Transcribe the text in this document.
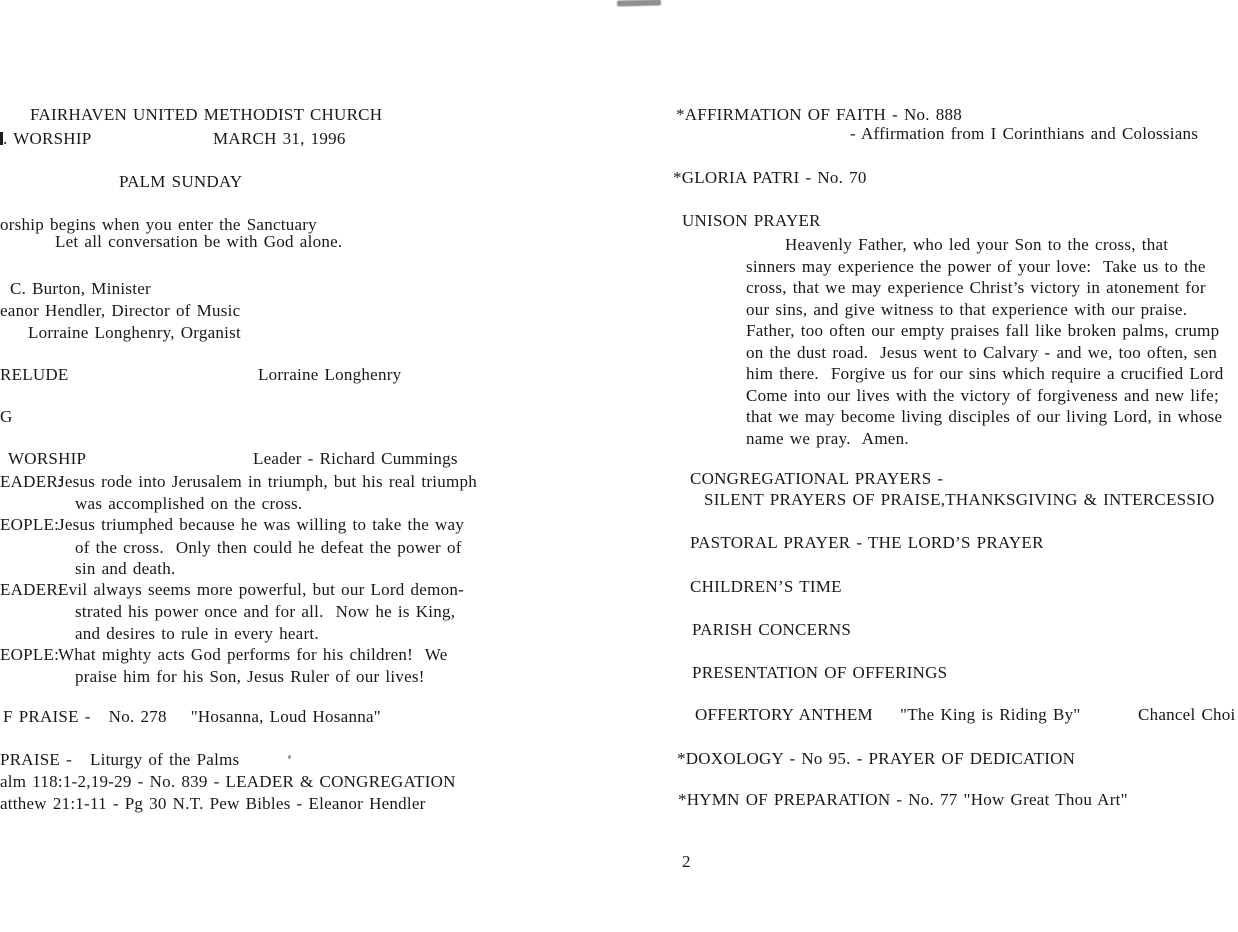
FAIRHAVEN UNITED METHODIST CHURCH
. WORSHIP	MARCH 31, 1996
PALM SUNDAY
orship begins when you enter the Sanctuary
Let all conversation be with God alone.
C. Burton, Minister
eanor Hendler, Director of Music
Lorraine Longhenry, Organist
RELUDE	Lorraine Longhenry
G
WORSHIP	Leader - Richard Cummings
EADER:
Jesus rode into Jerusalem in triumph, but his real triumph
was accomplished on the cross.
EOPLE:
Jesus triumphed because he was willing to take the way
of the cross.  Only then could he defeat the power of
sin and death.
EADER:
Evil always seems more powerful, but our Lord demon-
strated his power once and for all.  Now he is King,
and desires to rule in every heart.
EOPLE:
What mighty acts God performs for his children!  We
praise him for his Son, Jesus Ruler of our lives!
F PRAISE -   No. 278    "Hosanna, Loud Hosanna"
PRAISE -   Liturgy of the Palms
alm 118:1-2,19-29 - No. 839 - LEADER & CONGREGATION
atthew 21:1-11 - Pg 30 N.T. Pew Bibles - Eleanor Hendler
*AFFIRMATION OF FAITH - No. 888
- Affirmation from I Corinthians and Colossians
*GLORIA PATRI - No. 70
UNISON PRAYER
Heavenly Father, who led your Son to the cross, that
sinners may experience the power of your love:  Take us to the
cross, that we may experience Christ’s victory in atonement for
our sins, and give witness to that experience with our praise.
Father, too often our empty praises fall like broken palms, crump
on the dust road.  Jesus went to Calvary - and we, too often, sen
him there.  Forgive us for our sins which require a crucified Lord
Come into our lives with the victory of forgiveness and new life;
that we may become living disciples of our living Lord, in whose
name we pray.  Amen.
CONGREGATIONAL PRAYERS -
SILENT PRAYERS OF PRAISE,THANKSGIVING & INTERCESSIO
PASTORAL PRAYER - THE LORD’S PRAYER
CHILDREN’S TIME
PARISH CONCERNS
PRESENTATION OF OFFERINGS
OFFERTORY ANTHEM "The King is Riding By"	Chancel Choi
*DOXOLOGY - No 95. - PRAYER OF DEDICATION
*HYMN OF PREPARATION - No. 77 "How Great Thou Art"
2
